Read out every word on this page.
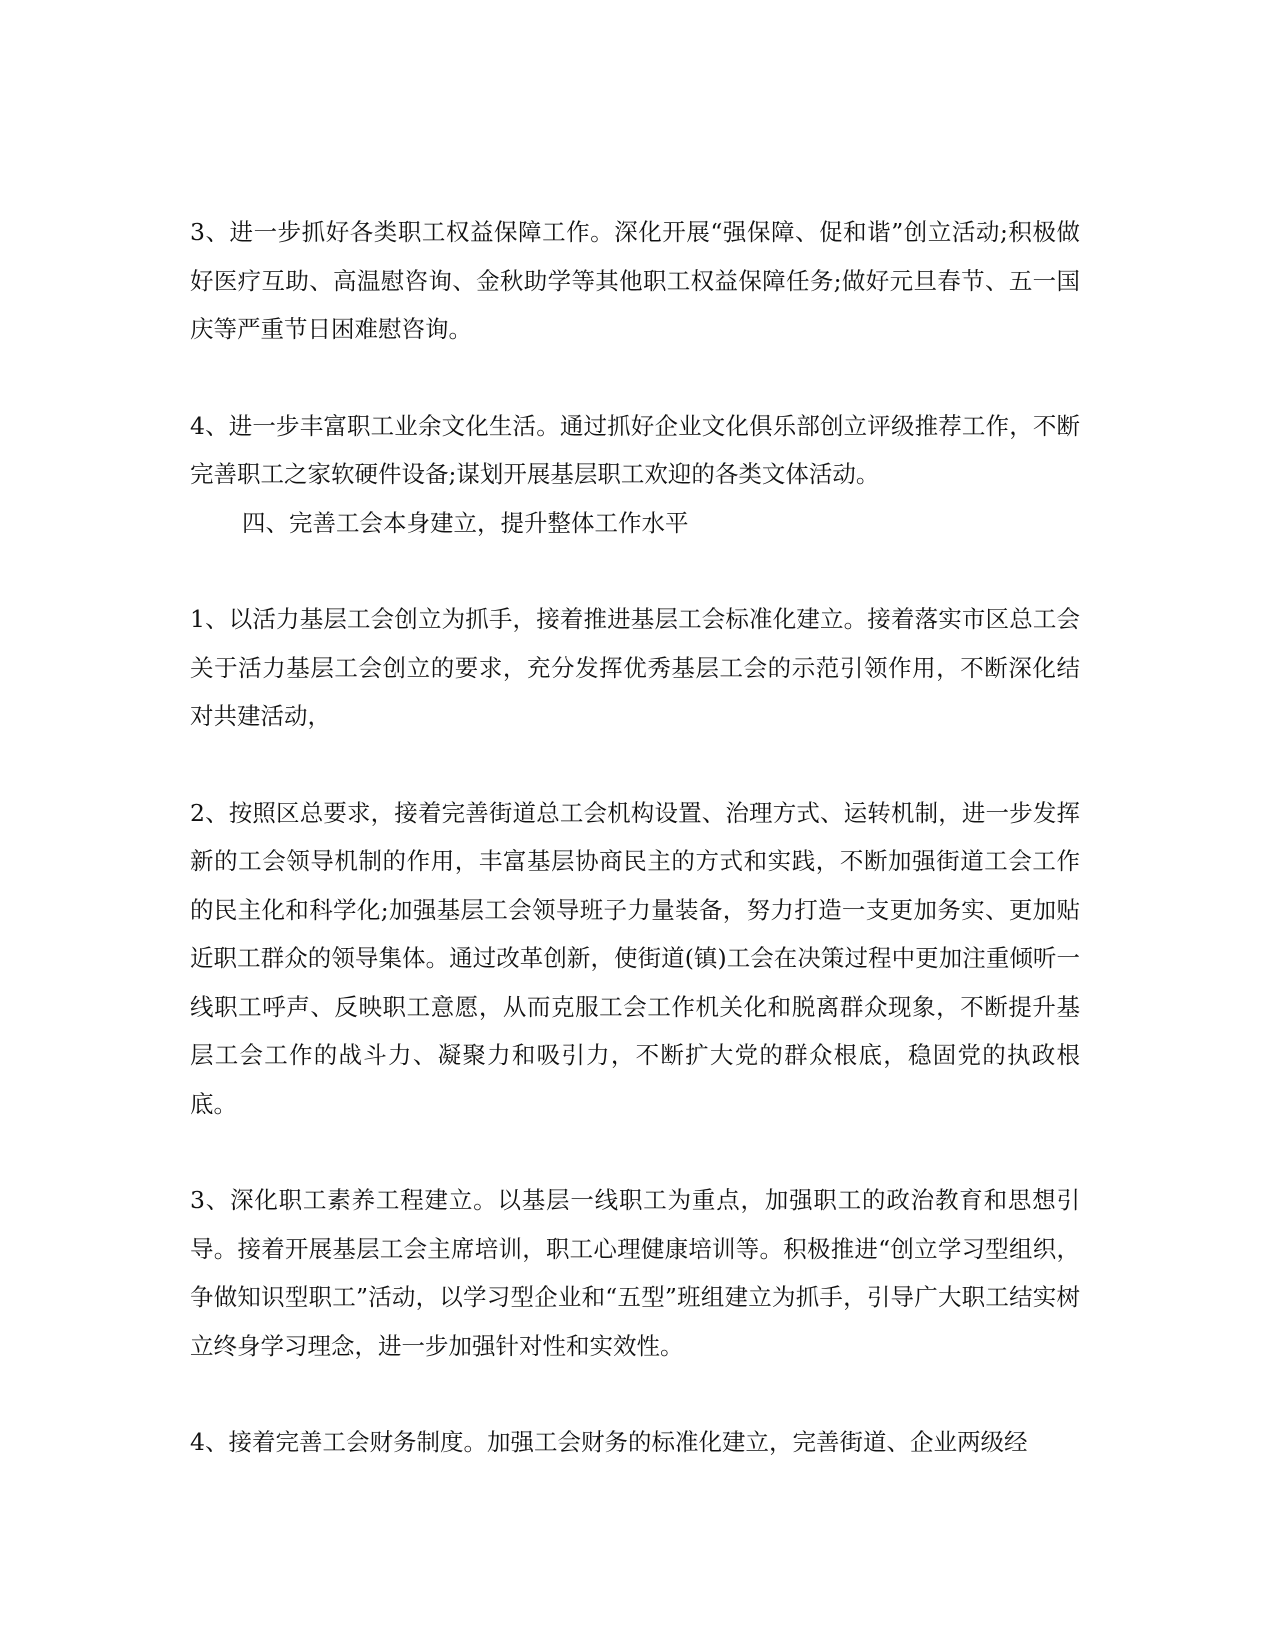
3、进一步抓好各类职工权益保障工作。深化开展“强保障、促和谐”创立活动;积极做好医疗互助、高温慰咨询、金秋助学等其他职工权益保障任务;做好元旦春节、五一国庆等严重节日困难慰咨询。

4、进一步丰富职工业余文化生活。通过抓好企业文化俱乐部创立评级推荐工作，不断完善职工之家软硬件设备;谋划开展基层职工欢迎的各类文体活动。

四、完善工会本身建立，提升整体工作水平

1、以活力基层工会创立为抓手，接着推进基层工会标准化建立。接着落实市区总工会关于活力基层工会创立的要求，充分发挥优秀基层工会的示范引领作用，不断深化结对共建活动，

2、按照区总要求，接着完善街道总工会机构设置、治理方式、运转机制，进一步发挥新的工会领导机制的作用，丰富基层协商民主的方式和实践，不断加强街道工会工作的民主化和科学化;加强基层工会领导班子力量装备，努力打造一支更加务实、更加贴近职工群众的领导集体。通过改革创新，使街道(镇)工会在决策过程中更加注重倾听一线职工呼声、反映职工意愿，从而克服工会工作机关化和脱离群众现象，不断提升基层工会工作的战斗力、凝聚力和吸引力，不断扩大党的群众根底，稳固党的执政根底。

3、深化职工素养工程建立。以基层一线职工为重点，加强职工的政治教育和思想引导。接着开展基层工会主席培训，职工心理健康培训等。积极推进“创立学习型组织，争做知识型职工”活动，以学习型企业和“五型”班组建立为抓手，引导广大职工结实树立终身学习理念，进一步加强针对性和实效性。

4、接着完善工会财务制度。加强工会财务的标准化建立，完善街道、企业两级经
